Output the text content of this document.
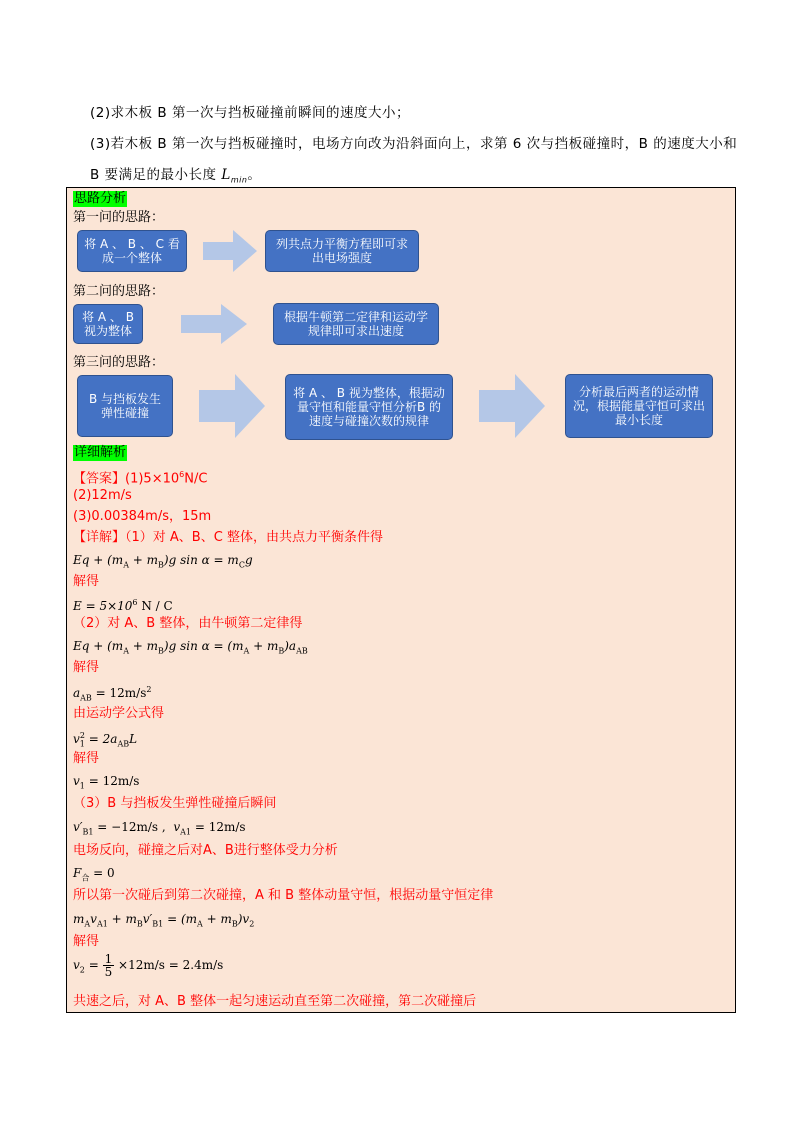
(2)求木板 B 第一次与挡板碰撞前瞬间的速度大小；
(3)若木板 B 第一次与挡板碰撞时，电场方向改为沿斜面向上，求第 6 次与挡板碰撞时，B 的速度大小和
B 要满足的最小长度 $L_{min}$。
思路分析
第一问的思路：
将 A 、 B 、 C 看成一个整体
列共点力平衡方程即可求出电场强度
第二问的思路：
将 A 、 B 视为整体
根据牛顿第二定律和运动学规律即可求出速度
第三问的思路：
B 与挡板发生弹性碰撞
将 A 、 B 视为整体，根据动量守恒和能量守恒分析B 的速度与碰撞次数的规律
分析最后两者的运动情况，根据能量守恒可求出最小长度
详细解析
【答案】$(1)5\times 10^6N/C$
(2)12m/s
(3)0.00384m/s，15m
【详解】（1）对 A、B、C 整体，由共点力平衡条件得
$Eq + (m_A + m_B)g$ $\sin \alpha = m_Cg$
解得
$E = 5\times 10^6$ N / C
（2）对 A、B 整体，由牛顿第二定律得
$Eq + (m_A + m_B)g$ $\sin \alpha = (m_A + m_B)a_{AB}$
解得
$a_{AB} = 12m/s^2$
由运动学公式得
$v_1^2 = 2a_{AB}L$
解得
$v_1 = 12m/s$
（3）B 与挡板发生弹性碰撞后瞬间
$v'_{B1} = -12m/s$ ,  $v_{A1} = 12m/s$
电场反向，碰撞之后对A、B进行整体受力分析
$F_合 = 0$
所以第一次碰后到第二次碰撞，A 和 B 整体动量守恒，根据动量守恒定律
$m_Av_{A1} + m_Bv'_{B1} = (m_A + m_B)v_2$
解得
$v_2 = \frac{1}{5} \times 12m/s = 2.4m/s$
共速之后，对 A、B 整体一起匀速运动直至第二次碰撞，第二次碰撞后
